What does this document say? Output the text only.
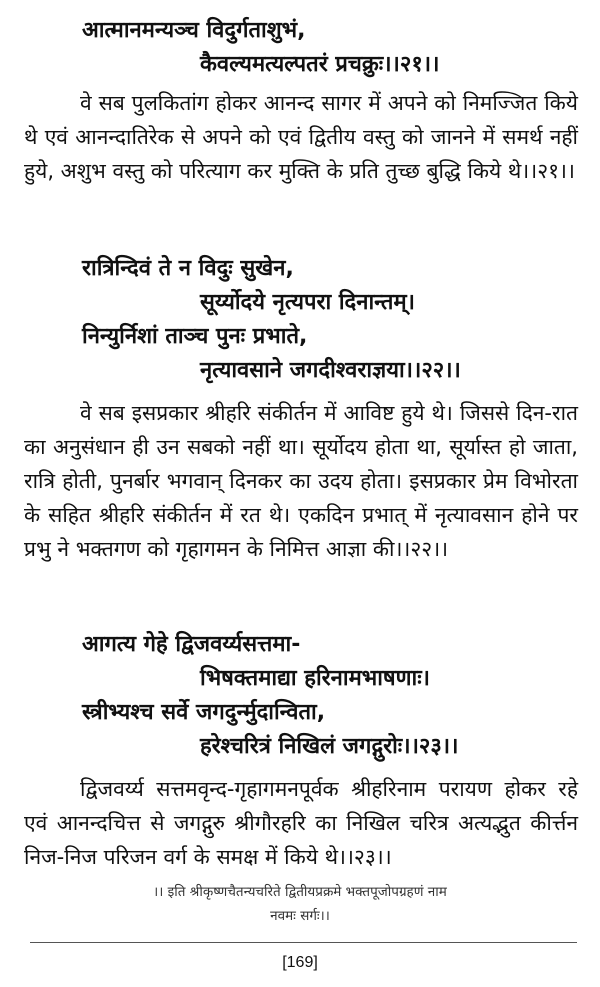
आत्मानमन्यञ्च विदुर्गताशुभं,
कैवल्यमत्यल्पतरं प्रचक्रुः।।२१।।

वे सब पुलकितांग होकर आनन्द सागर में अपने को निमज्जित किये थे एवं आनन्दातिरेक से अपने को एवं द्वितीय वस्तु को जानने में समर्थ नहीं हुये, अशुभ वस्तु को परित्याग कर मुक्ति के प्रति तुच्छ बुद्धि किये थे।।२१।।

रात्रिन्दिवं ते न विदुः सुखेन,
सूर्य्योदये नृत्यपरा दिनान्तम्।
निन्युर्निशां ताञ्च पुनः प्रभाते,
नृत्यावसाने जगदीश्वराज्ञया।।२२।।

वे सब इसप्रकार श्रीहरि संकीर्तन में आविष्ट हुये थे। जिससे दिन-रात का अनुसंधान ही उन सबको नहीं था। सूर्योदय होता था, सूर्यास्त हो जाता, रात्रि होती, पुनर्बार भगवान् दिनकर का उदय होता। इसप्रकार प्रेम विभोरता के सहित श्रीहरि संकीर्तन में रत थे। एकदिन प्रभात् में नृत्यावसान होने पर प्रभु ने भक्तगण को गृहागमन के निमित्त आज्ञा की।।२२।।

आगत्य गेहे द्विजवर्य्यसत्तमा-
भिषक्तमाद्या हरिनामभाषणाः।
स्त्रीभ्यश्च सर्वे जगदुर्न्मुदान्विता,
हरेश्चरित्रं निखिलं जगद्गुरोः।।२३।।

द्विजवर्य्य सत्तमवृन्द-गृहागमनपूर्वक श्रीहरिनाम परायण होकर रहे एवं आनन्दचित्त से जगद्गुरु श्रीगौरहरि का निखिल चरित्र अत्यद्भुत कीर्त्तन निज-निज परिजन वर्ग के समक्ष में किये थे।।२३।।

।। इति श्रीकृष्णचैतन्यचरिते द्वितीयप्रक्रमे भक्तपूजोपग्रहणं नाम
नवमः सर्गः।।
[169]
